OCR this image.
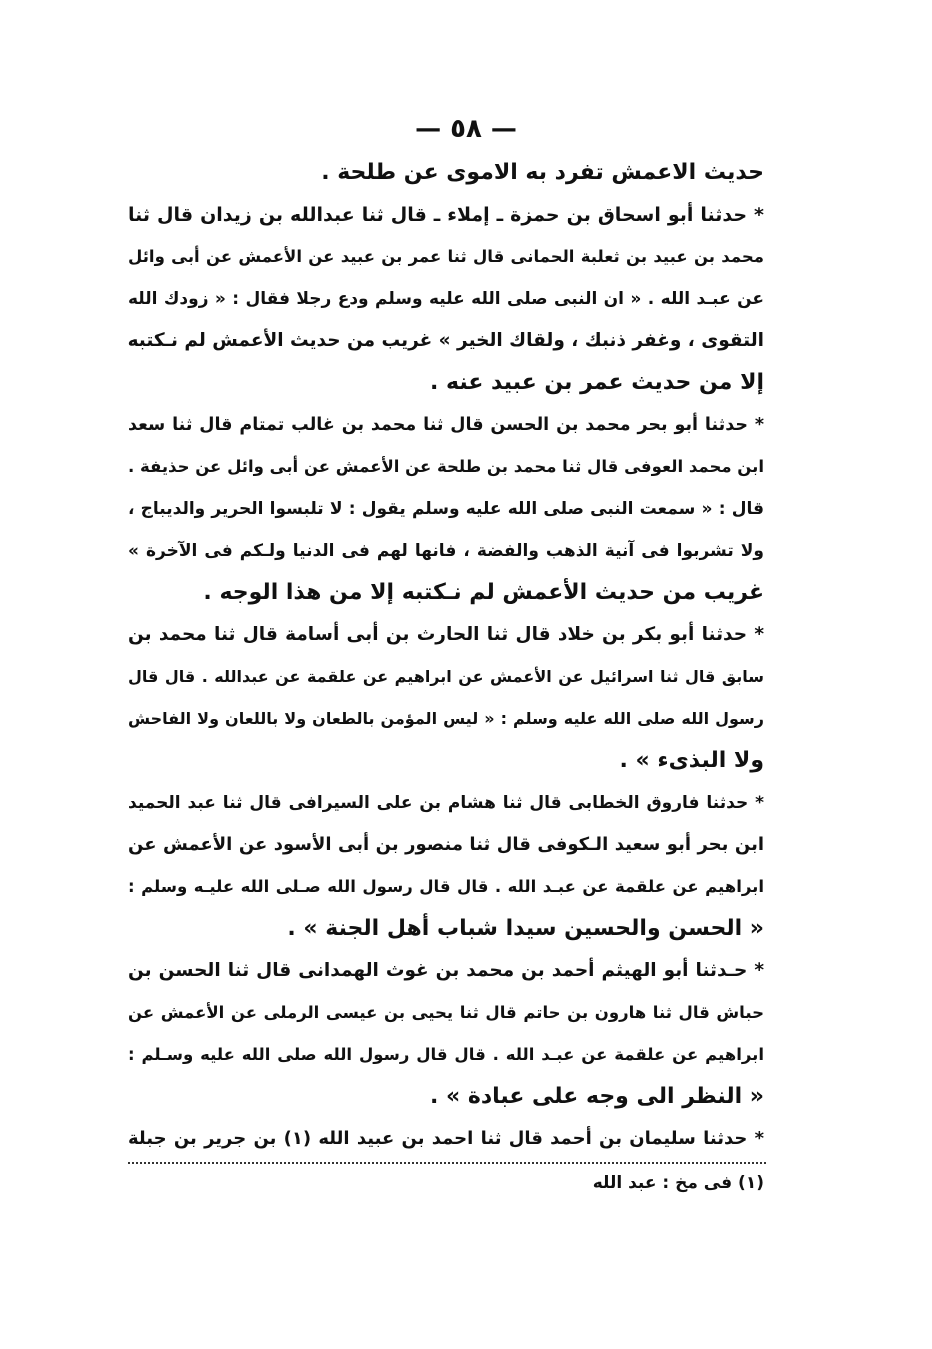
— ٥٨ —
حديث الاعمش تفرد به الاموى عن طلحة .
* حدثنا أبو اسحاق بن حمزة ـ إملاء ـ قال ثنا عبدالله بن زيدان قال ثنا
محمد بن عبيد بن ثعلبة الحمانى قال ثنا عمر بن عبيد عن الأعمش عن أبى وائل
عن عبـد الله . « ان النبى صلى الله عليه وسلم ودع رجلا فقال : « زودك الله
التقوى ، وغفر ذنبك ، ولقاك الخير » غريب من حديث الأعمش لم نـكتبه
إلا من حديث عمر بن عبيد عنه .
* حدثنا أبو بحر محمد بن الحسن قال ثنا محمد بن غالب تمتام قال ثنا سعد
ابن محمد العوفى قال ثنا محمد بن طلحة عن الأعمش عن أبى وائل عن حذيفة .
قال : « سمعت النبى صلى الله عليه وسلم يقول : لا تلبسوا الحرير والديباج ،
ولا تشربوا فى آنية الذهب والفضة ، فانها لهم فى الدنيا ولـكم فى الآخرة »
غريب من حديث الأعمش لم نـكتبه إلا من هذا الوجه .
* حدثنا أبو بكر بن خلاد قال ثنا الحارث بن أبى أسامة قال ثنا محمد بن
سابق قال ثنا اسرائيل عن الأعمش عن ابراهيم عن علقمة عن عبدالله . قال قال
رسول الله صلى الله عليه وسلم : « ليس المؤمن بالطعان ولا باللعان ولا الفاحش
ولا البذىء » .
* حدثنا فاروق الخطابى قال ثنا هشام بن على السيرافى قال ثنا عبد الحميد
ابن بحر أبو سعيد الـكوفى قال ثنا منصور بن أبى الأسود عن الأعمش عن
ابراهيم عن علقمة عن عبـد الله . قال قال رسول الله صـلى الله عليـه وسلم :
« الحسن والحسين سيدا شباب أهل الجنة » .
* حـدثنا أبو الهيثم أحمد بن محمد بن غوث الهمدانى قال ثنا الحسن بن
حباش قال ثنا هارون بن حاتم قال ثنا يحيى بن عيسى الرملى عن الأعمش عن
ابراهيم عن علقمة عن عبـد الله . قال قال رسول الله صلى الله عليه وسـلم :
« النظر الى وجه على عبادة » .
* حدثنا سليمان بن أحمد قال ثنا احمد بن عبيد الله (١) بن جرير بن جبلة
(١) فى مخ : عبد الله
